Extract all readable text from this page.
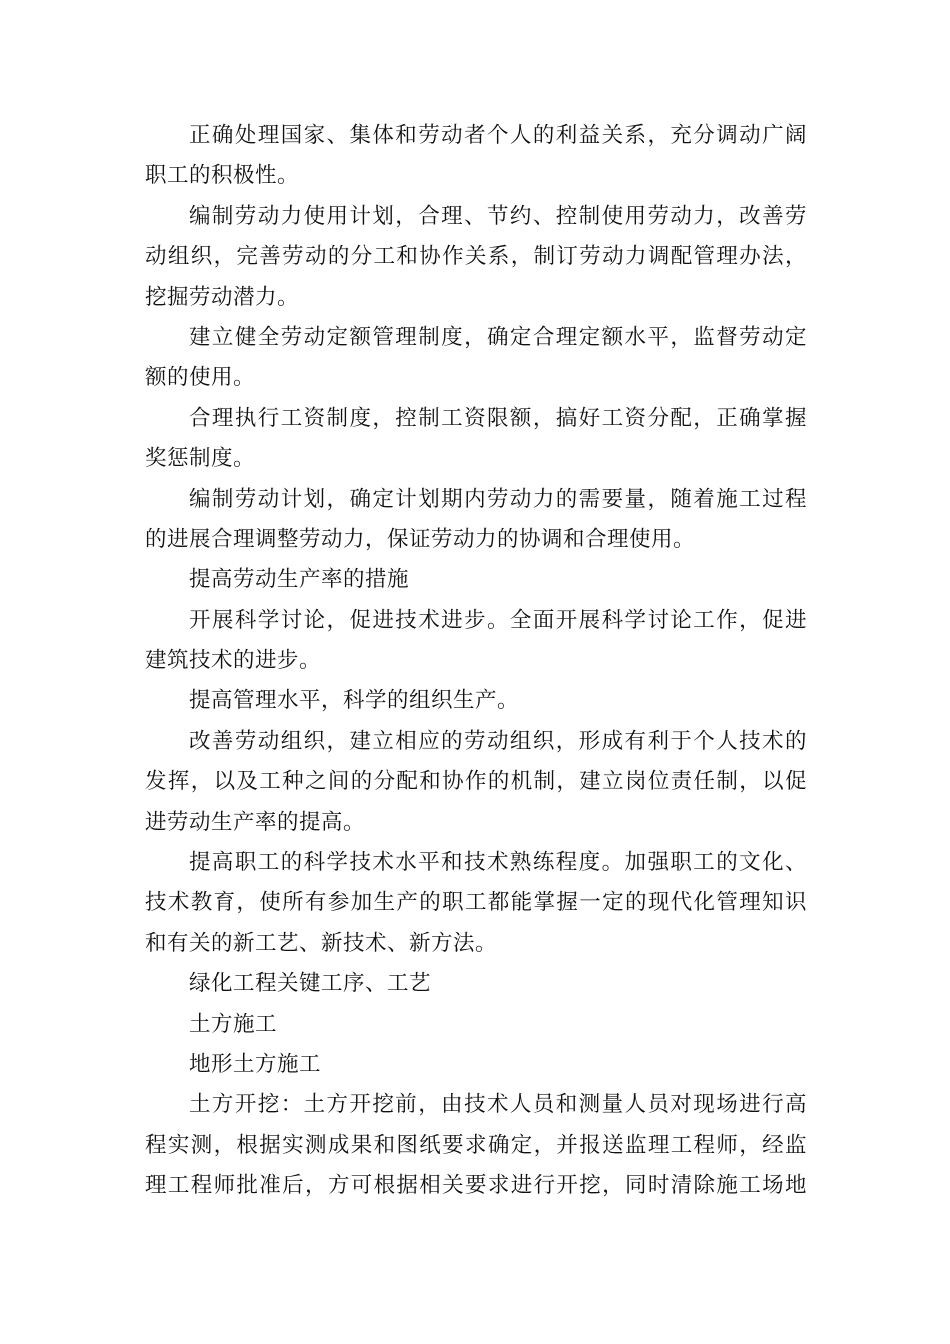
正确处理国家、集体和劳动者个人的利益关系，充分调动广阔
职工的积极性。
编制劳动力使用计划，合理、节约、控制使用劳动力，改善劳
动组织，完善劳动的分工和协作关系，制订劳动力调配管理办法，
挖掘劳动潜力。
建立健全劳动定额管理制度，确定合理定额水平，监督劳动定
额的使用。
合理执行工资制度，控制工资限额，搞好工资分配，正确掌握
奖惩制度。
编制劳动计划，确定计划期内劳动力的需要量，随着施工过程
的进展合理调整劳动力，保证劳动力的协调和合理使用。
提高劳动生产率的措施
开展科学讨论，促进技术进步。全面开展科学讨论工作，促进
建筑技术的进步。
提高管理水平，科学的组织生产。
改善劳动组织，建立相应的劳动组织，形成有利于个人技术的
发挥，以及工种之间的分配和协作的机制，建立岗位责任制，以促
进劳动生产率的提高。
提高职工的科学技术水平和技术熟练程度。加强职工的文化、
技术教育，使所有参加生产的职工都能掌握一定的现代化管理知识
和有关的新工艺、新技术、新方法。
绿化工程关键工序、工艺
土方施工
地形土方施工
土方开挖：土方开挖前，由技术人员和测量人员对现场进行高
程实测，根据实测成果和图纸要求确定，并报送监理工程师，经监
理工程师批准后，方可根据相关要求进行开挖，同时清除施工场地
